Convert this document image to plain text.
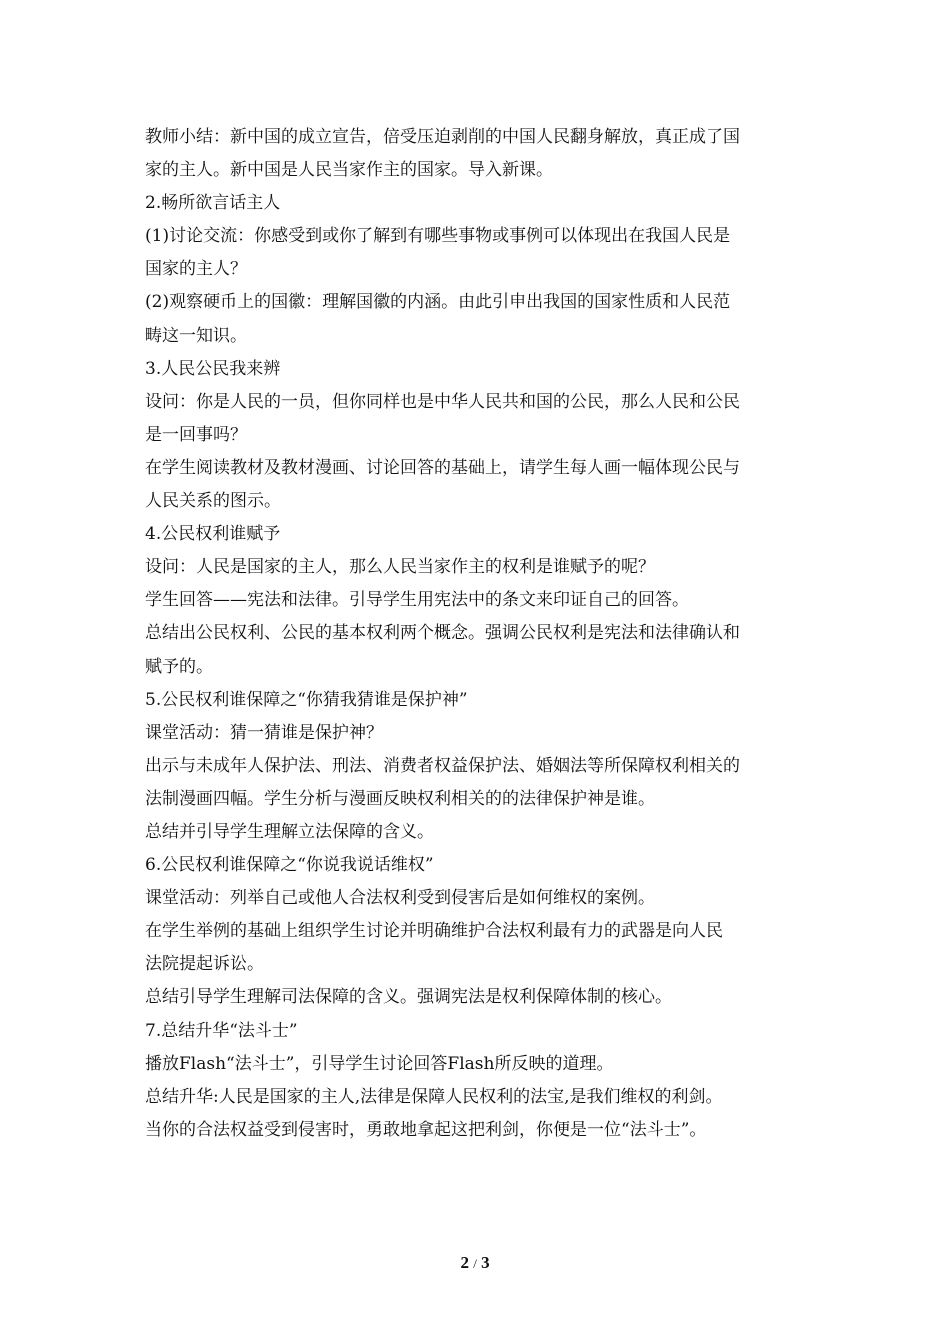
教师小结：新中国的成立宣告，倍受压迫剥削的中国人民翻身解放，真正成了国
家的主人。新中国是人民当家作主的国家。导入新课。
2.畅所欲言话主人
(1)讨论交流：你感受到或你了解到有哪些事物或事例可以体现出在我国人民是
国家的主人？
(2)观察硬币上的国徽：理解国徽的内涵。由此引申出我国的国家性质和人民范
畴这一知识。
3.人民公民我来辨
设问：你是人民的一员，但你同样也是中华人民共和国的公民，那么人民和公民
是一回事吗？
在学生阅读教材及教材漫画、讨论回答的基础上，请学生每人画一幅体现公民与
人民关系的图示。
4.公民权利谁赋予
设问：人民是国家的主人，那么人民当家作主的权利是谁赋予的呢？
学生回答——宪法和法律。引导学生用宪法中的条文来印证自己的回答。
总结出公民权利、公民的基本权利两个概念。强调公民权利是宪法和法律确认和
赋予的。
5.公民权利谁保障之“你猜我猜谁是保护神”
课堂活动：猜一猜谁是保护神？
出示与未成年人保护法、刑法、消费者权益保护法、婚姻法等所保障权利相关的
法制漫画四幅。学生分析与漫画反映权利相关的的法律保护神是谁。
总结并引导学生理解立法保障的含义。
6.公民权利谁保障之“你说我说话维权”
课堂活动：列举自己或他人合法权利受到侵害后是如何维权的案例。
在学生举例的基础上组织学生讨论并明确维护合法权利最有力的武器是向人民
法院提起诉讼。
总结引导学生理解司法保障的含义。强调宪法是权利保障体制的核心。
7.总结升华“法斗士”
播放Flash“法斗士”，引导学生讨论回答Flash所反映的道理。
总结升华:人民是国家的主人,法律是保障人民权利的法宝,是我们维权的利剑。
当你的合法权益受到侵害时，勇敢地拿起这把利剑，你便是一位“法斗士”。
2 / 3
